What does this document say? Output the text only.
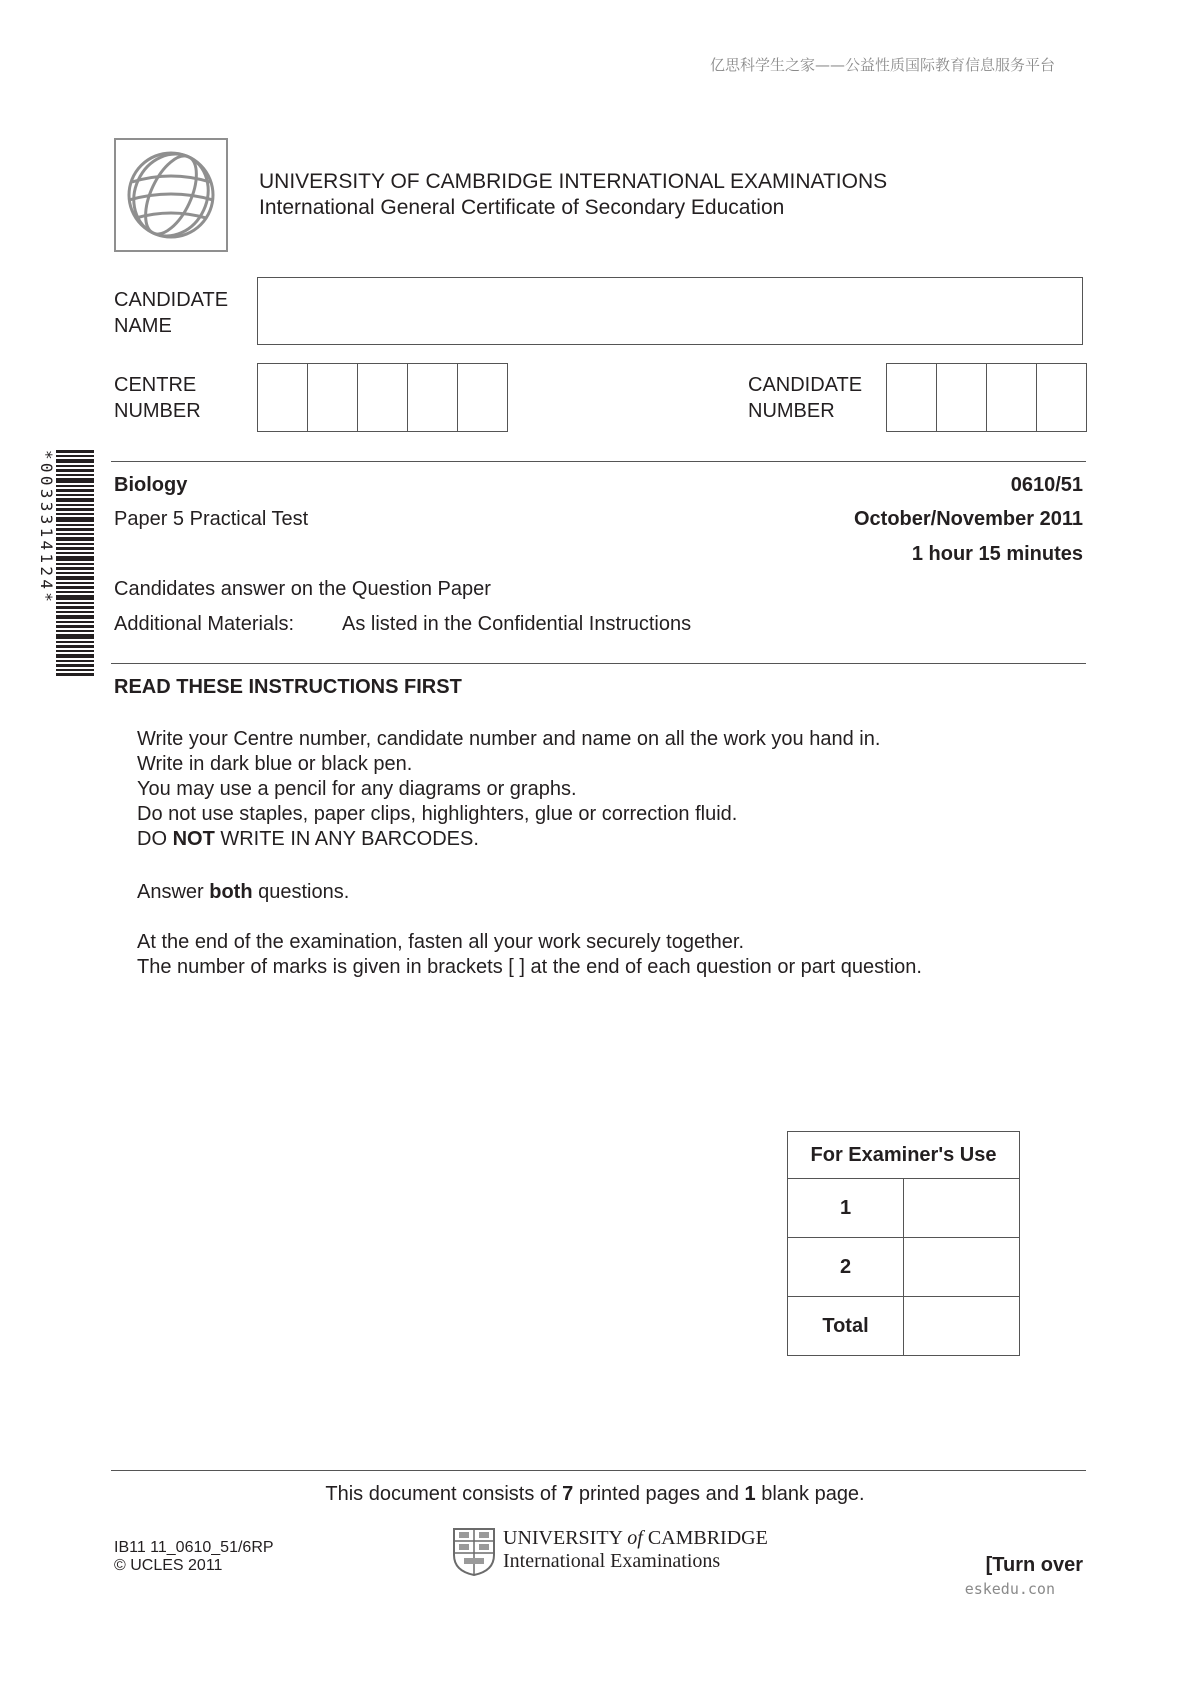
亿思科学生之家——公益性质国际教育信息服务平台
UNIVERSITY OF CAMBRIDGE INTERNATIONAL EXAMINATIONS
International General Certificate of Secondary Education
CANDIDATE
NAME
CENTRE
NUMBER
CANDIDATE
NUMBER
*0033314124*	Biology	0610/51
Paper 5 Practical Test	October/November 2011
1 hour 15 minutes
Candidates answer on the Question Paper
Additional Materials: As listed in the Confidential Instructions
READ THESE INSTRUCTIONS FIRST
Write your Centre number, candidate number and name on all the work you hand in.
Write in dark blue or black pen.
You may use a pencil for any diagrams or graphs.
Do not use staples, paper clips, highlighters, glue or correction fluid.
DO NOT WRITE IN ANY BARCODES.
Answer both questions.
At the end of the examination, fasten all your work securely together.
The number of marks is given in brackets [ ] at the end of each question or part question.
For Examiner's Use	
1	
2	
Total	
This document consists of 7 printed pages and 1 blank page.
IB11 11_0610_51/6RP
© UCLES 2011
UNIVERSITY of CAMBRIDGE
International Examinations	[Turn over
eskedu.con
